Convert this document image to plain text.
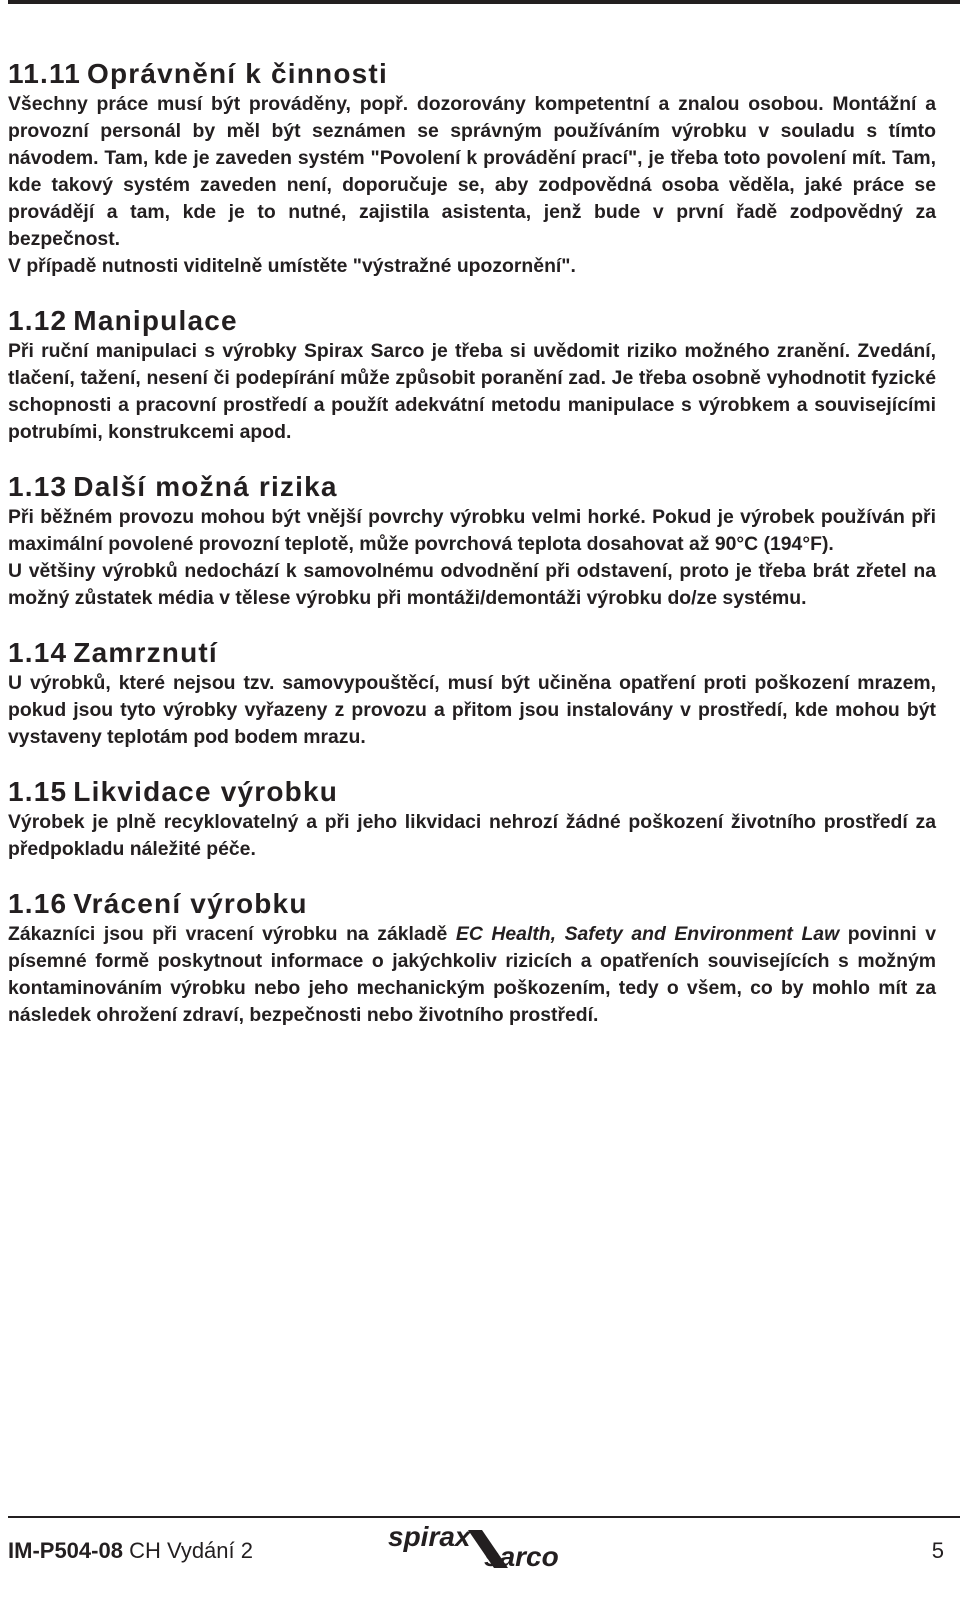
11.11 Oprávnění k činnosti

Všechny práce musí být prováděny, popř. dozorovány kompetentní a znalou osobou. Montážní a provozní personál by měl být seznámen se správným používáním výrobku v souladu s tímto návodem. Tam, kde je zaveden systém "Povolení k provádění prací", je třeba toto povolení mít. Tam, kde takový systém zaveden není, doporučuje se, aby zodpovědná osoba věděla, jaké práce se provádějí a tam, kde je to nutné, zajistila asistenta, jenž bude v první řadě zodpovědný za bezpečnost.

V případě nutnosti viditelně umístěte "výstražné upozornění".

1.12 Manipulace

Při ruční manipulaci s výrobky Spirax Sarco je třeba si uvědomit riziko možného zranění. Zvedání, tlačení, tažení, nesení či podepírání může způsobit poranění zad. Je třeba osobně vyhodnotit fyzické schopnosti a pracovní prostředí a použít adekvátní metodu manipulace s výrobkem a souvisejícími potrubími, konstrukcemi apod.

1.13 Další možná rizika

Při běžném provozu mohou být vnější povrchy výrobku velmi horké. Pokud je výrobek používán při maximální povolené provozní teplotě, může povrchová teplota dosahovat až 90°C (194°F).

U většiny výrobků nedochází k samovolnému odvodnění při odstavení, proto je třeba brát zřetel na možný zůstatek média v tělese výrobku při montáži/demontáži výrobku do/ze systému.

1.14 Zamrznutí

U výrobků, které nejsou tzv. samovypouštěcí, musí být učiněna opatření proti poškození mrazem, pokud jsou tyto výrobky vyřazeny z provozu a přitom jsou instalovány v prostředí, kde mohou být vystaveny teplotám pod bodem mrazu.

1.15 Likvidace výrobku

Výrobek je plně recyklovatelný a při jeho likvidaci nehrozí žádné poškození životního prostředí za předpokladu náležité péče.

1.16 Vrácení výrobku

Zákazníci jsou při vracení výrobku na základě EC Health, Safety and Environment Law povinni v písemné formě poskytnout informace o jakýchkoliv rizicích a opatřeních souvisejících s možným kontaminováním výrobku nebo jeho mechanickým poškozením, tedy o všem, co by mohlo mít za následek ohrožení zdraví, bezpečnosti nebo životního prostředí.

IM-P504-08 CH Vydání 2	spirax
sarco	5
